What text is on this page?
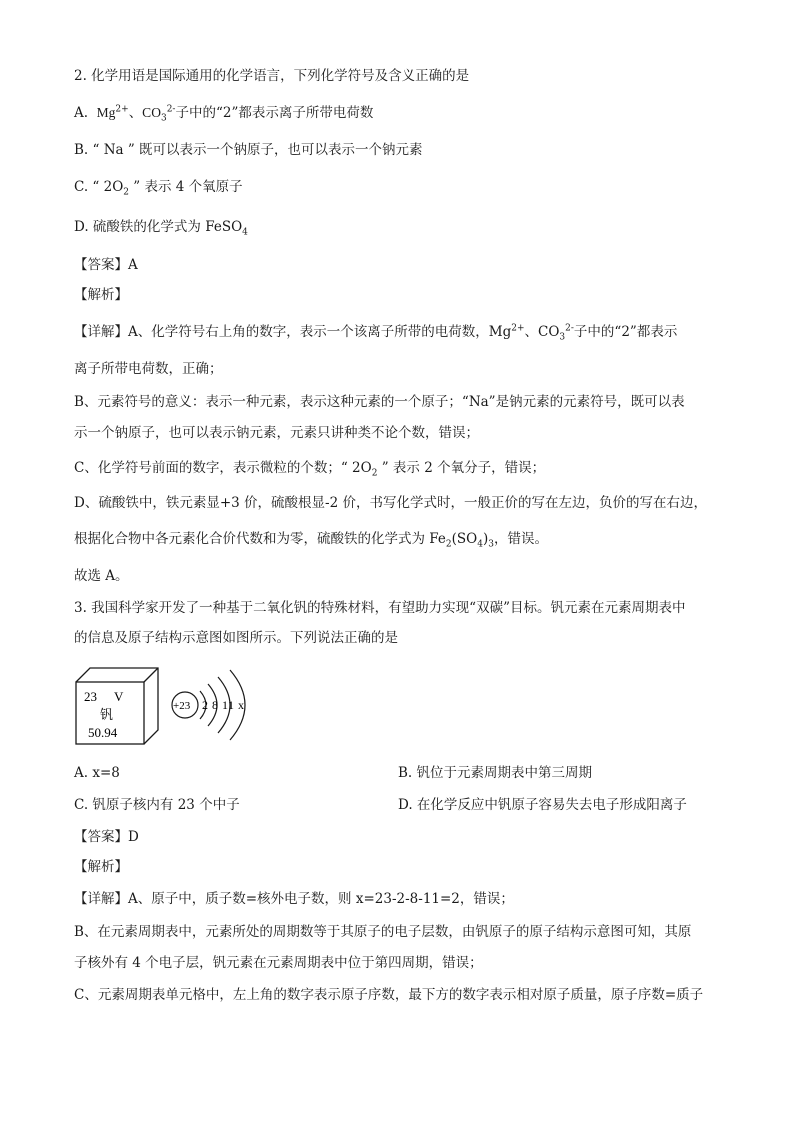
2. 化学用语是国际通用的化学语言，下列化学符号及含义正确的是
A. $Mg^{2+}$、$CO_3^{2-}$子中的“2”都表示离子所带电荷数
B. “ Na ” 既可以表示一个钠原子，也可以表示一个钠元素
C. “ $2O_2$ ” 表示 4 个氧原子
D. 硫酸铁的化学式为 FeSO$_4$
【答案】A
【解析】
【详解】A、化学符号右上角的数字，表示一个该离子所带的电荷数，$Mg^{2+}$、$CO_3^{2-}$子中的“2”都表示
离子所带电荷数，正确；
B、元素符号的意义：表示一种元素，表示这种元素的一个原子；“Na”是钠元素的元素符号，既可以表
示一个钠原子，也可以表示钠元素，元素只讲种类不论个数，错误；
C、化学符号前面的数字，表示微粒的个数；“ $2O_2$ ” 表示 2 个氧分子，错误；
D、硫酸铁中，铁元素显+3 价，硫酸根显-2 价，书写化学式时，一般正价的写在左边，负价的写在右边，
根据化合物中各元素化合价代数和为零，硫酸铁的化学式为 $Fe_2(SO_4)_3$，错误。
故选 A。
3. 我国科学家开发了一种基于二氧化钒的特殊材料，有望助力实现“双碳”目标。钒元素在元素周期表中
的信息及原子结构示意图如图所示。下列说法正确的是
23 V
钒
50.94
+23 2 8 11 x
A. x=8	B. 钒位于元素周期表中第三周期
C. 钒原子核内有 23 个中子	D. 在化学反应中钒原子容易失去电子形成阳离子
【答案】D
【解析】
【详解】A、原子中，质子数=核外电子数，则 x=23-2-8-11=2，错误；
B、在元素周期表中，元素所处的周期数等于其原子的电子层数，由钒原子的原子结构示意图可知，其原
子核外有 4 个电子层，钒元素在元素周期表中位于第四周期，错误；
C、元素周期表单元格中，左上角的数字表示原子序数，最下方的数字表示相对原子质量，原子序数=质子
